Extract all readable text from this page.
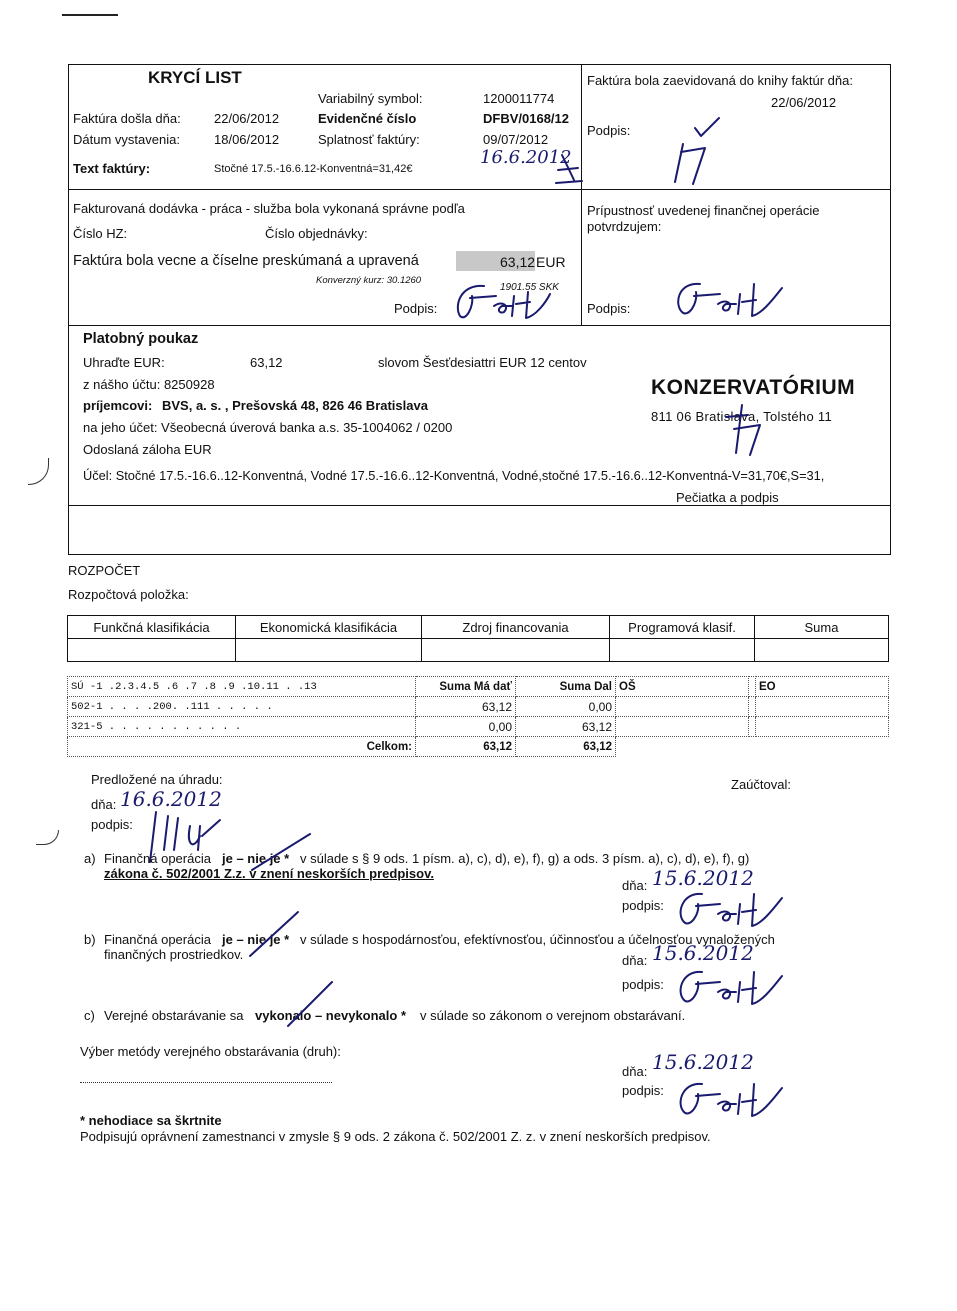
KRYCÍ LIST
Variabilný symbol:	1200011774
Faktúra došla dňa:	22/06/2012	Evidenčné číslo	DFBV/0168/12
Dátum vystavenia:	18/06/2012	Splatnosť faktúry:	09/07/2012
Text faktúry:	Stočné 17.5.-16.6.12-Konventná=31,42€
16.6.2012
Faktúra bola zaevidovaná do knihy faktúr dňa:
22/06/2012
Podpis:
Fakturovaná dodávka - práca - služba bola vykonaná správne podľa
Číslo HZ:	Číslo objednávky:
Faktúra bola vecne a číselne preskúmaná a upravená	63,12 EUR
Konverzný kurz: 30.1260
1901.55 SKK
Podpis:
Prípustnosť uvedenej finančnej operácie
potvrdzujem:
Podpis:
Platobný poukaz
Uhraďte EUR:	63,12	slovom Šesťdesiattri EUR 12 centov
z nášho účtu: 8250928
príjemcovi: BVS, a. s. , Prešovská 48, 826 46 Bratislava
na jeho účet: Všeobecná úverová banka a.s. 35-1004062 / 0200
Odoslaná záloha EUR
Účel: Stočné 17.5.-16.6..12-Konventná, Vodné 17.5.-16.6..12-Konventná, Vodné,stočné 17.5.-16.6..12-Konventná-V=31,70€,S=31,
Pečiatka a podpis
KONZERVATÓRIUM
811 06 Bratislava, Tolstého 11
ROZPOČET
Rozpočtová položka:
Funkčná klasifikácia	Ekonomická klasifikácia	Zdroj financovania	Programová klasif.	Suma

SÚ -1 .2.3.4.5 .6 .7 .8 .9 .10.11 . .13	Suma Má dať	Suma Dal	OŠ		EO
502-1 . . . .200. .111 . . . . .	63,12	0,00			
321-5 . . . . . . . . . . .	0,00	63,12			
Celkom:	63,12	63,12			
Predložené na úhradu:	Zaúčtoval:
dňa: 16.6.2012
podpis:
a) Finančná operácia je – nie je * v súlade s § 9 ods. 1 písm. a), c), d), e), f), g) a ods. 3 písm. a), c), d), e), f), g)
zákona č. 502/2001 Z.z. v znení neskorších predpisov.
dňa: 15.6.2012
podpis:
b) Finančná operácia je – nie je * v súlade s hospodárnosťou, efektívnosťou, účinnosťou a účelnosťou vynaložených
finančných prostriedkov.	dňa: 15.6.2012
podpis:
c) Verejné obstarávanie sa vykonalo – nevykonalo * v súlade so zákonom o verejnom obstarávaní.
Výber metódy verejného obstarávania (druh):
dňa: 15.6.2012
podpis:
* nehodiace sa škrtnite
Podpisujú oprávnení zamestnanci v zmysle § 9 ods. 2 zákona č. 502/2001 Z. z. v znení neskorších predpisov.
